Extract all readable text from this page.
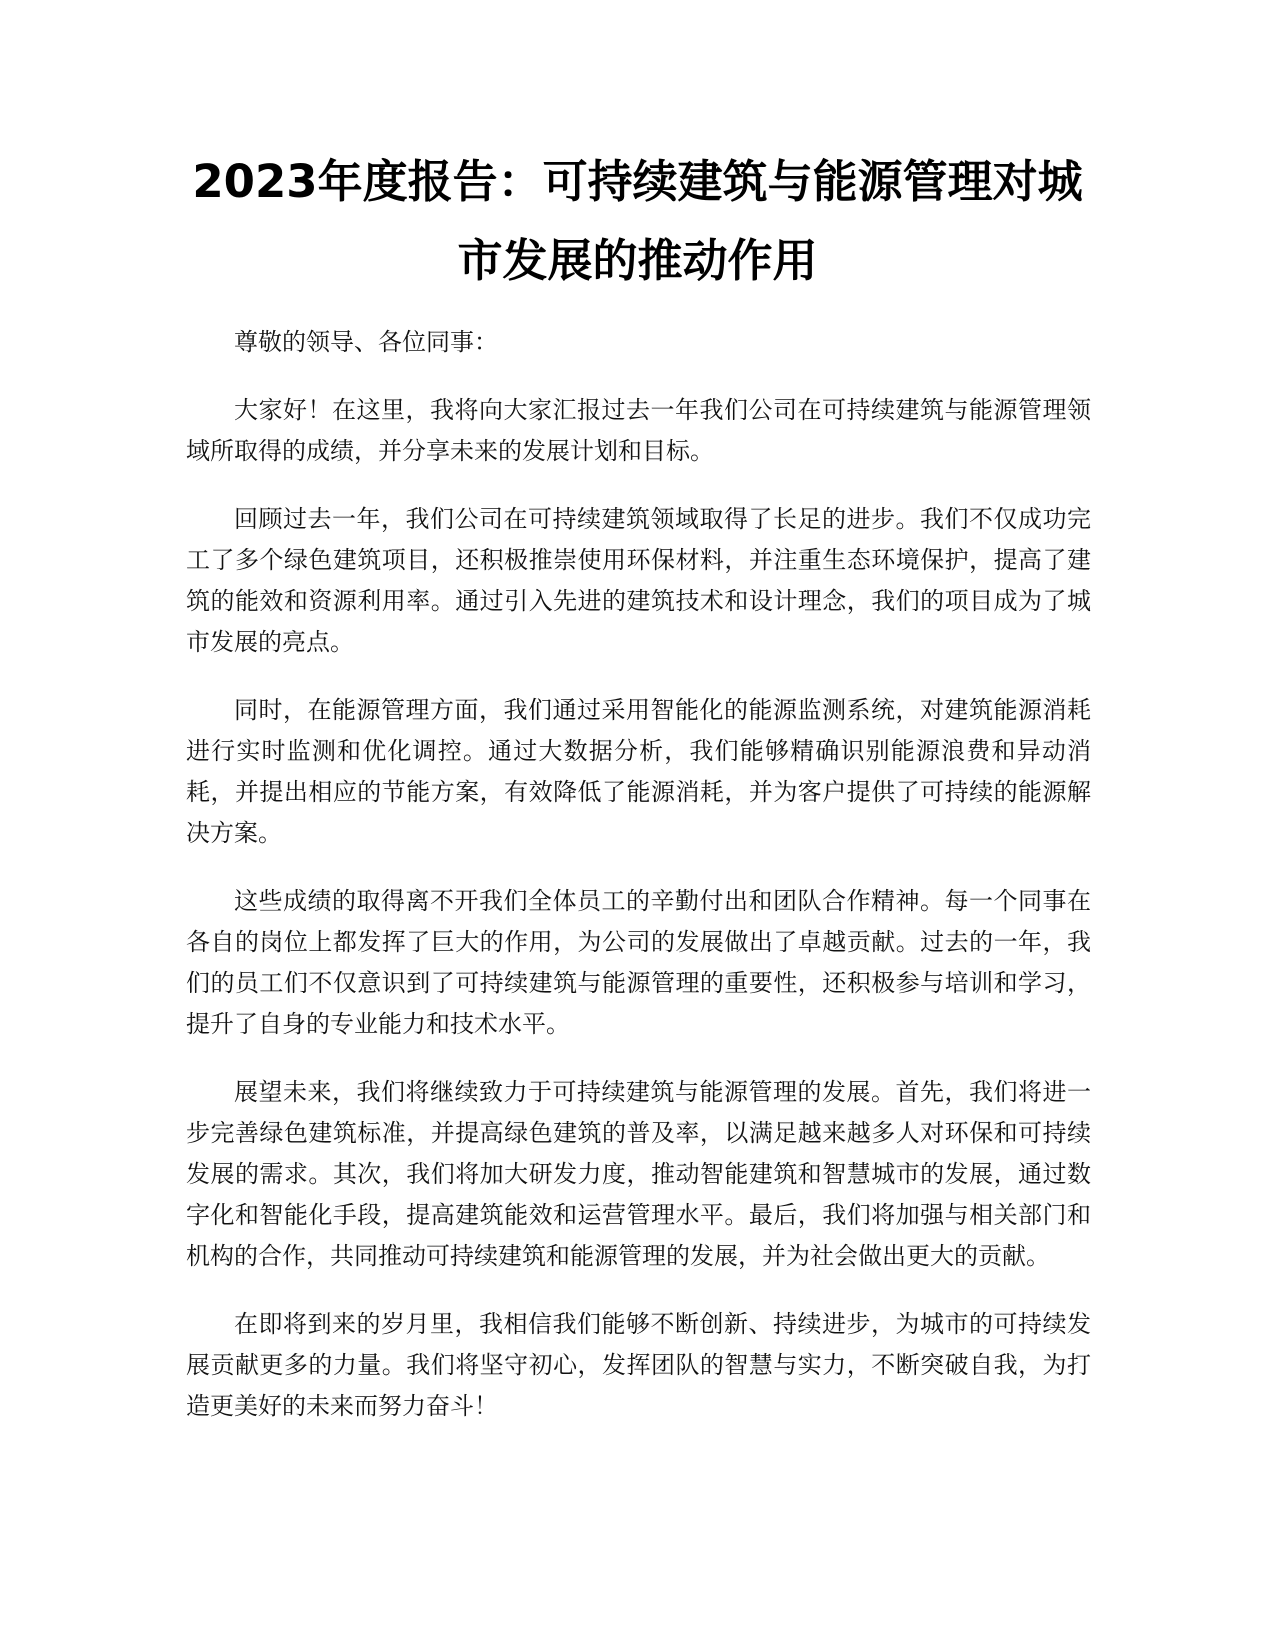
2023年度报告：可持续建筑与能源管理对城市发展的推动作用

尊敬的领导、各位同事：

大家好！在这里，我将向大家汇报过去一年我们公司在可持续建筑与能源管理领域所取得的成绩，并分享未来的发展计划和目标。

回顾过去一年，我们公司在可持续建筑领域取得了长足的进步。我们不仅成功完工了多个绿色建筑项目，还积极推崇使用环保材料，并注重生态环境保护，提高了建筑的能效和资源利用率。通过引入先进的建筑技术和设计理念，我们的项目成为了城市发展的亮点。

同时，在能源管理方面，我们通过采用智能化的能源监测系统，对建筑能源消耗进行实时监测和优化调控。通过大数据分析，我们能够精确识别能源浪费和异动消耗，并提出相应的节能方案，有效降低了能源消耗，并为客户提供了可持续的能源解决方案。

这些成绩的取得离不开我们全体员工的辛勤付出和团队合作精神。每一个同事在各自的岗位上都发挥了巨大的作用，为公司的发展做出了卓越贡献。过去的一年，我们的员工们不仅意识到了可持续建筑与能源管理的重要性，还积极参与培训和学习，提升了自身的专业能力和技术水平。

展望未来，我们将继续致力于可持续建筑与能源管理的发展。首先，我们将进一步完善绿色建筑标准，并提高绿色建筑的普及率，以满足越来越多人对环保和可持续发展的需求。其次，我们将加大研发力度，推动智能建筑和智慧城市的发展，通过数字化和智能化手段，提高建筑能效和运营管理水平。最后，我们将加强与相关部门和机构的合作，共同推动可持续建筑和能源管理的发展，并为社会做出更大的贡献。

在即将到来的岁月里，我相信我们能够不断创新、持续进步，为城市的可持续发展贡献更多的力量。我们将坚守初心，发挥团队的智慧与实力，不断突破自我，为打造更美好的未来而努力奋斗！
